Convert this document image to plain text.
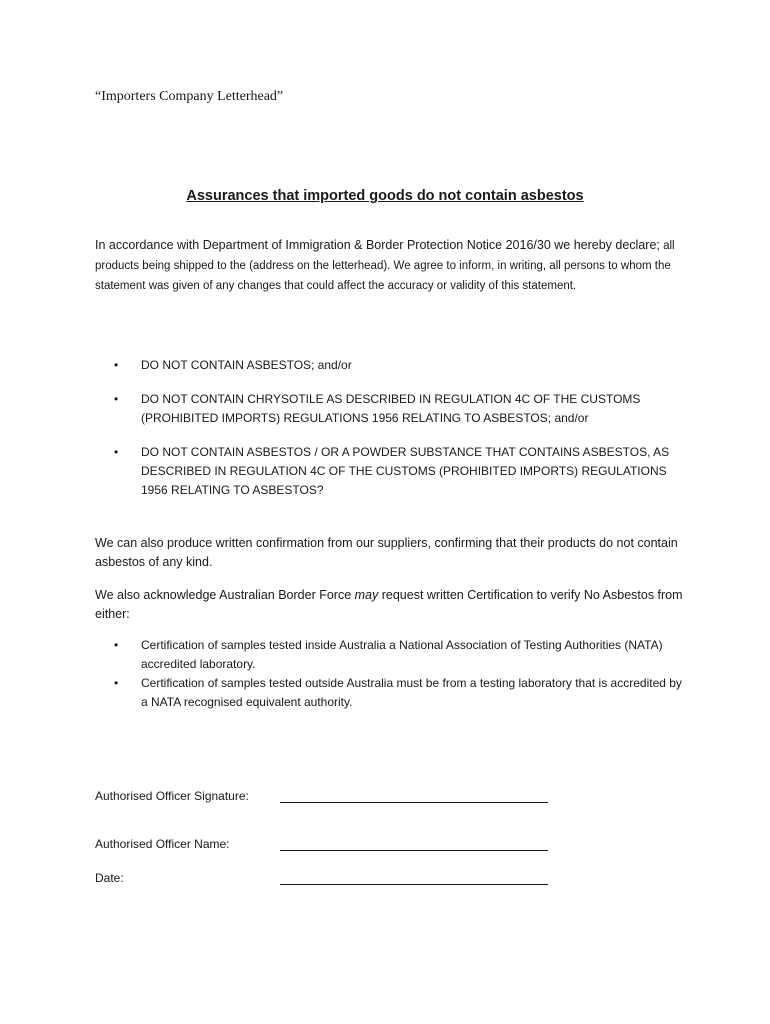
“Importers Company Letterhead”
Assurances that imported goods do not contain asbestos
In accordance with Department of Immigration & Border Protection Notice 2016/30 we hereby declare; all products being shipped to the (address on the letterhead). We agree to inform, in writing, all persons to whom the statement was given of any changes that could affect the accuracy or validity of this statement.
• DO NOT CONTAIN ASBESTOS; and/or
• DO NOT CONTAIN CHRYSOTILE AS DESCRIBED IN REGULATION 4C OF THE CUSTOMS (PROHIBITED IMPORTS) REGULATIONS 1956 RELATING TO ASBESTOS; and/or
• DO NOT CONTAIN ASBESTOS / OR A POWDER SUBSTANCE THAT CONTAINS ASBESTOS, AS DESCRIBED IN REGULATION 4C OF THE CUSTOMS (PROHIBITED IMPORTS) REGULATIONS 1956 RELATING TO ASBESTOS?
We can also produce written confirmation from our suppliers, confirming that their products do not contain asbestos of any kind.
We also acknowledge Australian Border Force may request written Certification to verify No Asbestos from either:
• Certification of samples tested inside Australia a National Association of Testing Authorities (NATA) accredited laboratory.
• Certification of samples tested outside Australia must be from a testing laboratory that is accredited by a NATA recognised equivalent authority.
Authorised Officer Signature:
Authorised Officer Name:
Date:
